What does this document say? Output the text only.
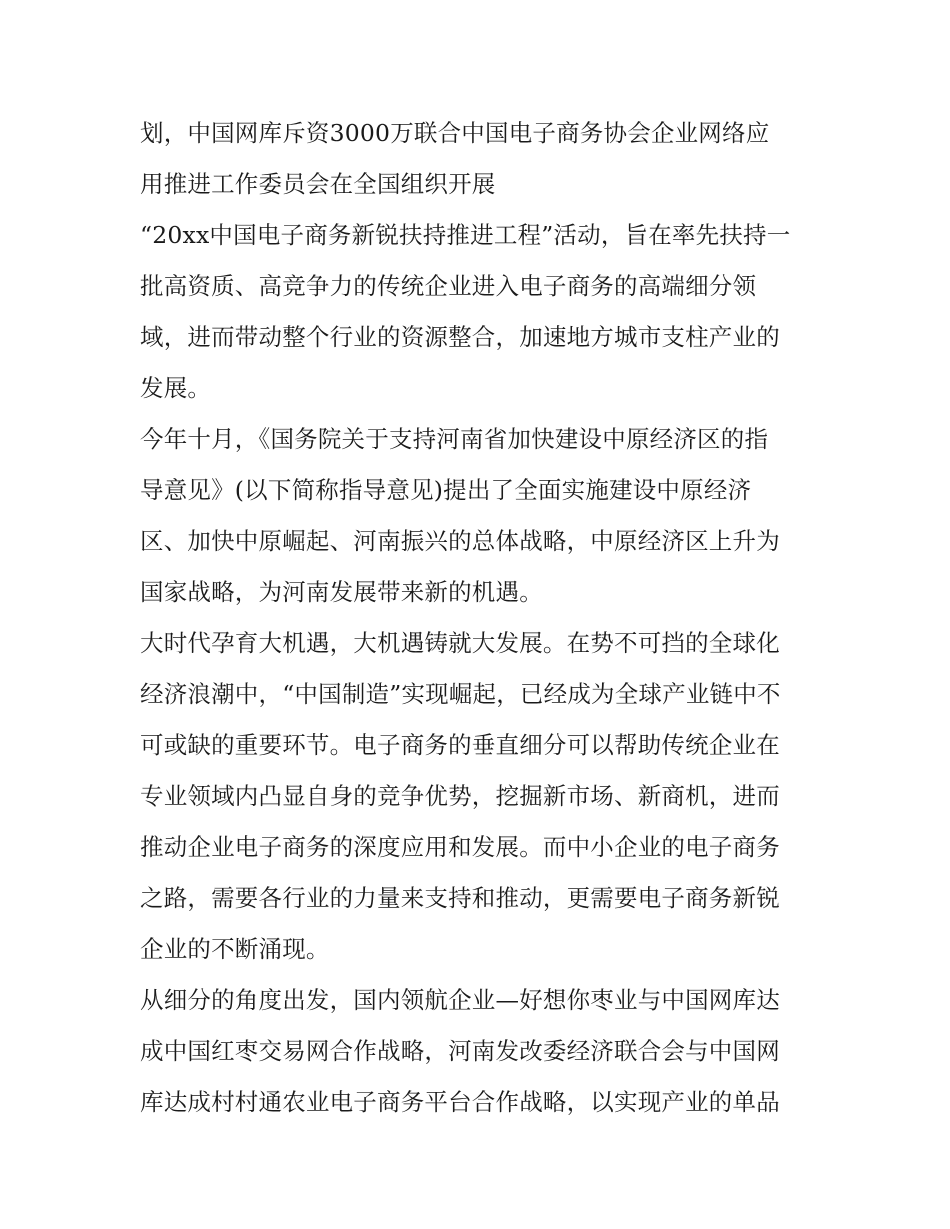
划，中国网库斥资3000万联合中国电子商务协会企业网络应
用推进工作委员会在全国组织开展
“20xx中国电子商务新锐扶持推进工程”活动，旨在率先扶持一
批高资质、高竞争力的传统企业进入电子商务的高端细分领
域，进而带动整个行业的资源整合，加速地方城市支柱产业的
发展。
今年十月，《国务院关于支持河南省加快建设中原经济区的指
导意见》(以下简称指导意见)提出了全面实施建设中原经济
区、加快中原崛起、河南振兴的总体战略，中原经济区上升为
国家战略，为河南发展带来新的机遇。
大时代孕育大机遇，大机遇铸就大发展。在势不可挡的全球化
经济浪潮中，“中国制造”实现崛起，已经成为全球产业链中不
可或缺的重要环节。电子商务的垂直细分可以帮助传统企业在
专业领域内凸显自身的竞争优势，挖掘新市场、新商机，进而
推动企业电子商务的深度应用和发展。而中小企业的电子商务
之路，需要各行业的力量来支持和推动，更需要电子商务新锐
企业的不断涌现。
从细分的角度出发，国内领航企业—好想你枣业与中国网库达
成中国红枣交易网合作战略，河南发改委经济联合会与中国网
库达成村村通农业电子商务平台合作战略，以实现产业的单品
